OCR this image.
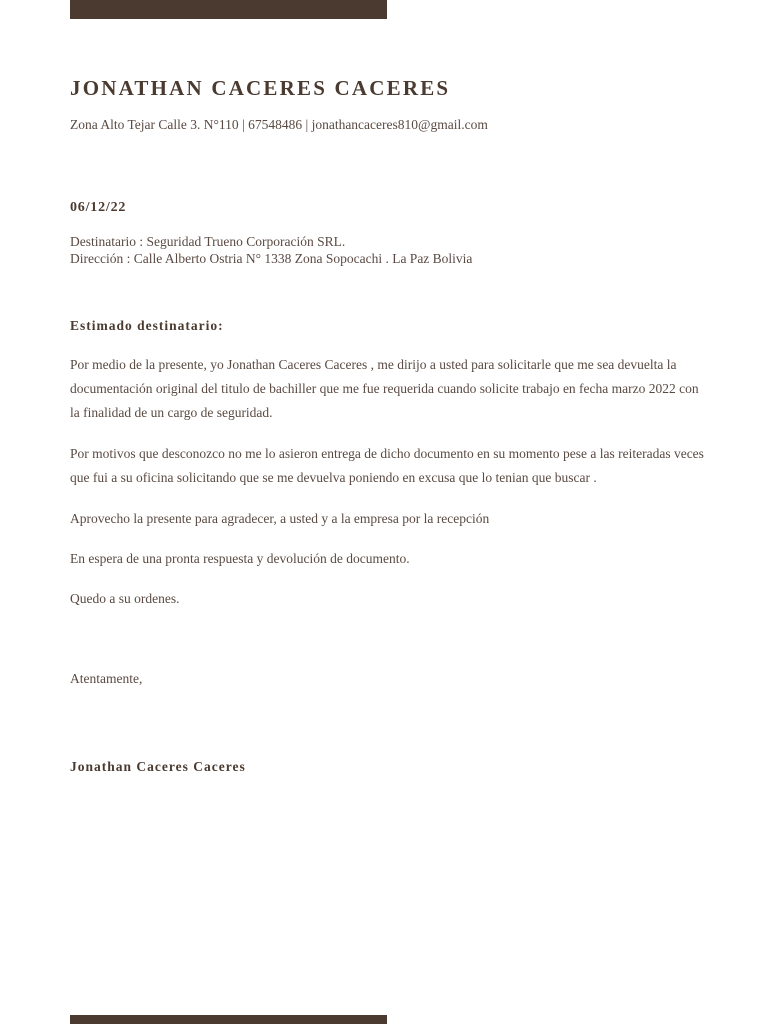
JONATHAN CACERES CACERES
Zona Alto Tejar Calle 3. N°110 | 67548486 | jonathancaceres810@gmail.com
06/12/22
Destinatario : Seguridad Trueno Corporación SRL.
Dirección : Calle Alberto Ostria N° 1338 Zona Sopocachi . La Paz Bolivia
Estimado destinatario:

Por medio de la presente, yo Jonathan Caceres Caceres , me dirijo a usted para solicitarle que me sea devuelta la documentación original del titulo de bachiller que me fue requerida cuando solicite trabajo en fecha marzo 2022 con la finalidad de un cargo de seguridad.

Por motivos que desconozco no me lo asieron entrega de dicho documento en su momento pese a las reiteradas veces que fui a su oficina solicitando que se me devuelva poniendo en excusa que lo tenian que buscar .

Aprovecho la presente para agradecer, a usted y a la empresa por la recepción

En espera de una pronta respuesta y devolución de documento.

Quedo a su ordenes.

Atentamente,
Jonathan Caceres Caceres
